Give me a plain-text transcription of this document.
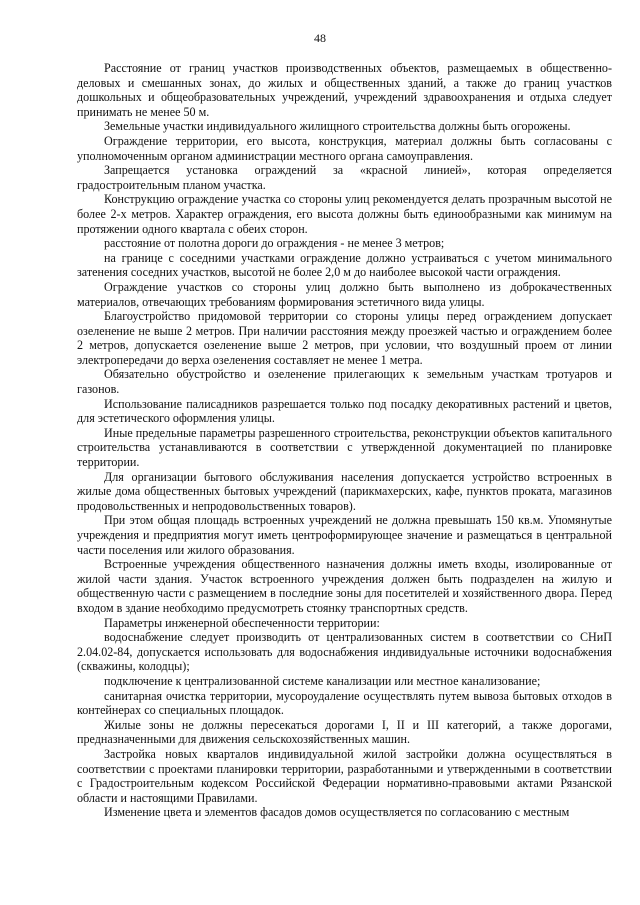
48

Расстояние от границ участков производственных объектов, размещаемых в общественно-деловых и смешанных зонах, до жилых и общественных зданий, а также до границ участков дошкольных и общеобразовательных учреждений, учреждений здравоохранения и отдыха следует принимать не менее 50 м.

Земельные участки индивидуального жилищного строительства должны быть огорожены.

Ограждение территории, его высота, конструкция, материал должны быть согласованы с уполномоченным органом администрации местного органа самоуправления.

Запрещается установка ограждений за «красной линией», которая определяется градостроительным планом участка.

Конструкцию ограждение участка со стороны улиц рекомендуется делать прозрачным высотой не более 2-х метров. Характер ограждения, его высота должны быть единообразными как минимум на протяжении одного квартала с обеих сторон.

расстояние от полотна дороги до ограждения - не менее 3 метров;

на границе с соседними участками ограждение должно устраиваться с учетом минимального затенения соседних участков, высотой не более 2,0 м до наиболее высокой части ограждения.

Ограждение участков со стороны улиц должно быть выполнено из доброкачественных материалов, отвечающих требованиям формирования эстетичного вида улицы.

Благоустройство придомовой территории со стороны улицы перед ограждением допускает озеленение не выше 2 метров. При наличии расстояния между проезжей частью и ограждением более 2 метров, допускается озеленение выше 2 метров, при условии, что воздушный проем от линии электропередачи до верха озеленения составляет не менее 1 метра.

Обязательно обустройство и озеленение прилегающих к земельным участкам тротуаров и газонов.

Использование палисадников разрешается только под посадку декоративных растений и цветов, для эстетического оформления улицы.

Иные предельные параметры разрешенного строительства, реконструкции объектов капитального строительства устанавливаются в соответствии с утвержденной документацией по планировке территории.

Для организации бытового обслуживания населения допускается устройство встроенных в жилые дома общественных бытовых учреждений (парикмахерских, кафе, пунктов проката, магазинов продовольственных и непродовольственных товаров).

При этом общая площадь встроенных учреждений не должна превышать 150 кв.м. Упомянутые учреждения и предприятия могут иметь центроформирующее значение и размещаться в центральной части поселения или жилого образования.

Встроенные учреждения общественного назначения должны иметь входы, изолированные от жилой части здания. Участок встроенного учреждения должен быть подразделен на жилую и общественную части с размещением в последние зоны для посетителей и хозяйственного двора. Перед входом в здание необходимо предусмотреть стоянку транспортных средств.

Параметры инженерной обеспеченности территории:

водоснабжение следует производить от централизованных систем в соответствии со СНиП 2.04.02-84, допускается использовать для водоснабжения индивидуальные источники водоснабжения (скважины, колодцы);

подключение к централизованной системе канализации или местное канализование;

санитарная очистка территории, мусороудаление осуществлять путем вывоза бытовых отходов в контейнерах со специальных площадок.

Жилые зоны не должны пересекаться дорогами I, II и III категорий, а также дорогами, предназначенными для движения сельскохозяйственных машин.

Застройка новых кварталов индивидуальной жилой застройки должна осуществляться в соответствии с проектами планировки территории, разработанными и утвержденными в соответствии с Градостроительным кодексом Российской Федерации нормативно-правовыми актами Рязанской области и настоящими Правилами.

Изменение цвета и элементов фасадов домов осуществляется по согласованию с местным
